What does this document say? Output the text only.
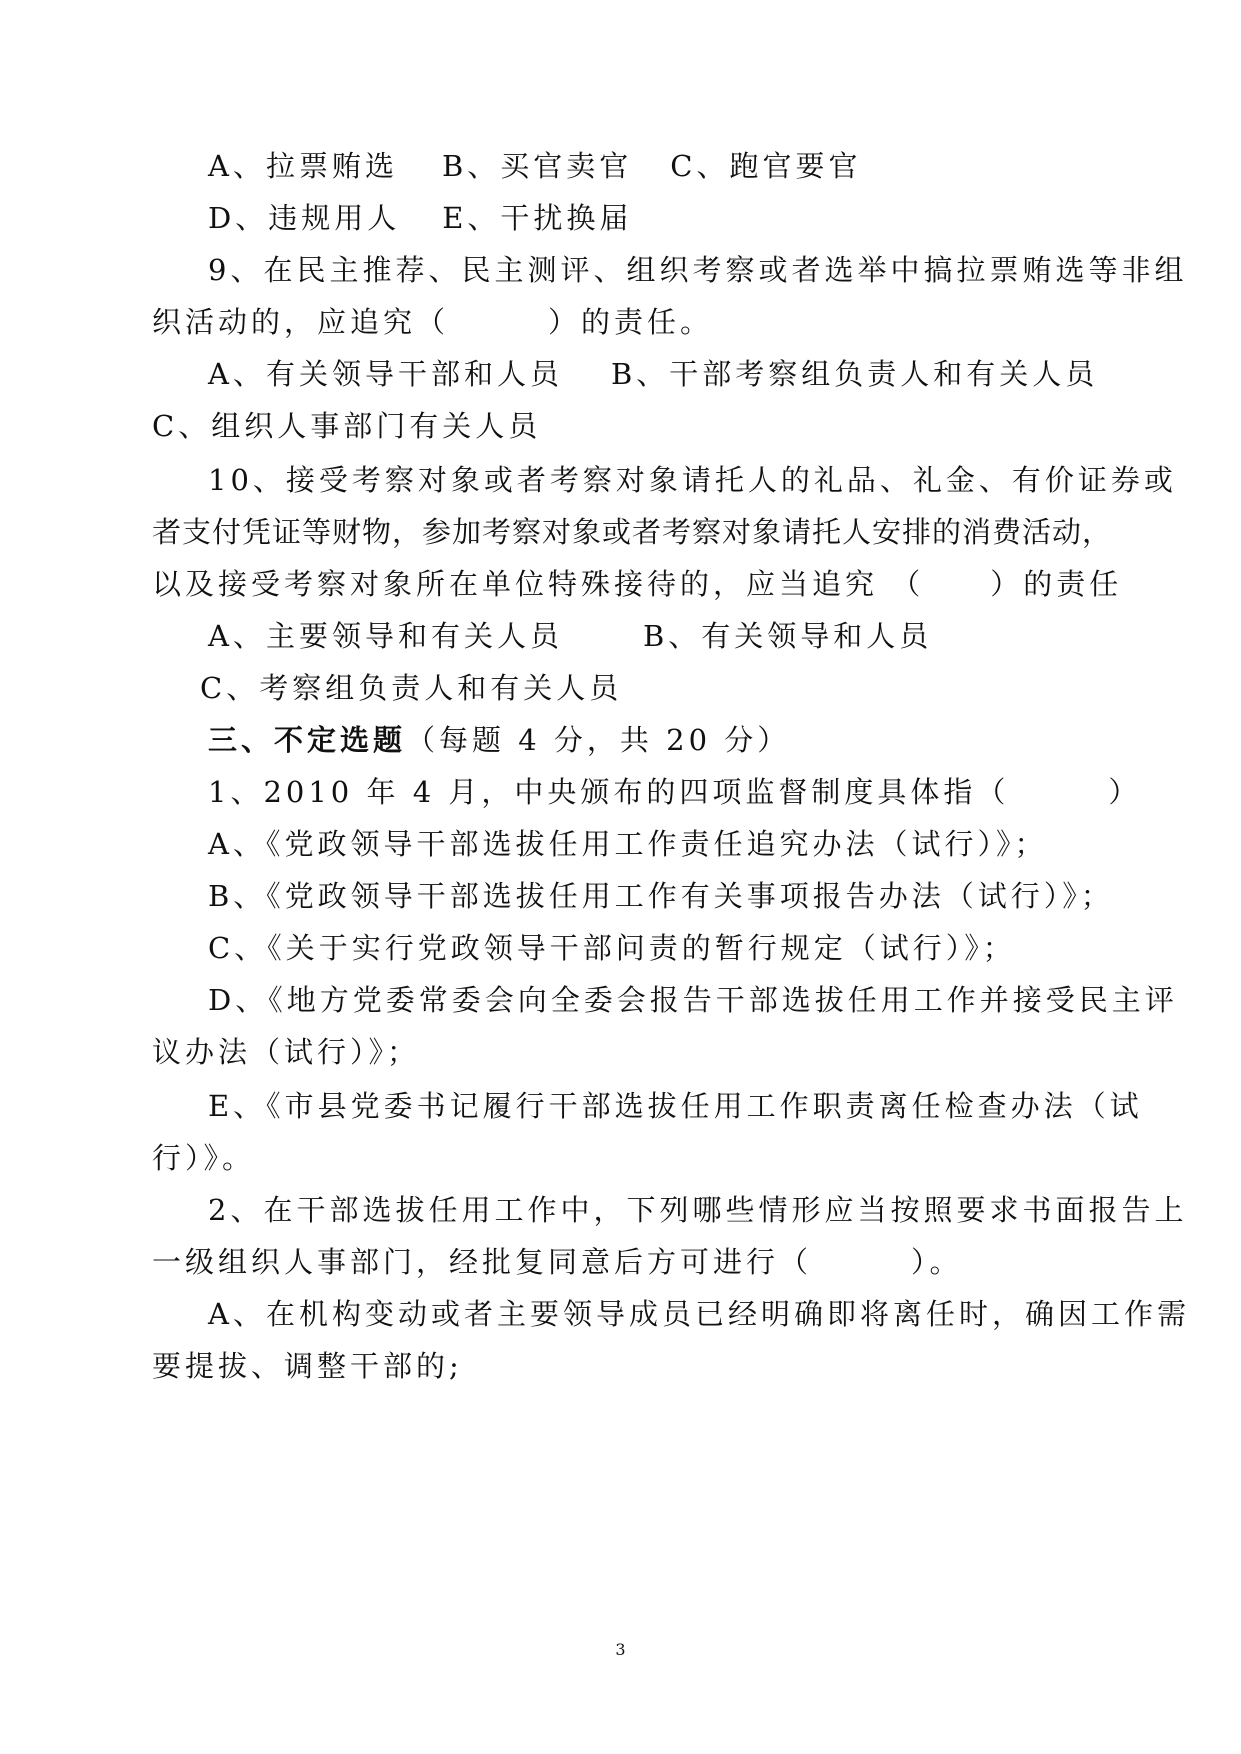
A、拉票贿选 B、买官卖官 C、跑官要官
D、违规用人 E、干扰换届
9、在民主推荐、民主测评、组织考察或者选举中搞拉票贿选等非组
织活动的，应追究（　　　）的责任。
A、有关领导干部和人员 B、干部考察组负责人和有关人员
C、组织人事部门有关人员
10、接受考察对象或者考察对象请托人的礼品、礼金、有价证券或
者支付凭证等财物，参加考察对象或者考察对象请托人安排的消费活动，
以及接受考察对象所在单位特殊接待的，应当追究 （　　）的责任
A、主要领导和有关人员	B、有关领导和人员
C、考察组负责人和有关人员
三、不定选题（每题 4 分，共 20 分）
1、2010 年 4 月，中央颁布的四项监督制度具体指（　　　）
A、《党政领导干部选拔任用工作责任追究办法（试行）》；
B、《党政领导干部选拔任用工作有关事项报告办法（试行）》；
C、《关于实行党政领导干部问责的暂行规定（试行）》；
D、《地方党委常委会向全委会报告干部选拔任用工作并接受民主评
议办法（试行）》；
E、《市县党委书记履行干部选拔任用工作职责离任检查办法（试
行）》。
2、在干部选拔任用工作中，下列哪些情形应当按照要求书面报告上
一级组织人事部门，经批复同意后方可进行（　　　）。
A、在机构变动或者主要领导成员已经明确即将离任时，确因工作需
要提拔、调整干部的;
3
